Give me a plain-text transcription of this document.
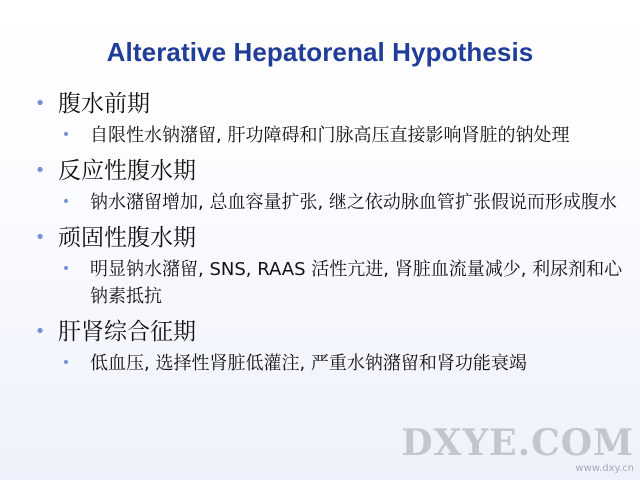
Alterative Hepatorenal Hypothesis
• 腹水前期
• 自限性水钠潴留, 肝功障碍和门脉高压直接影响肾脏的钠处理
• 反应性腹水期
• 钠水潴留增加, 总血容量扩张, 继之依动脉血管扩张假说而形成腹水
• 顽固性腹水期
• 明显钠水潴留, SNS, RAAS 活性亢进, 肾脏血流量减少, 利尿剂和心钠素抵抗
• 肝肾综合征期
• 低血压, 选择性肾脏低灌注, 严重水钠潴留和肾功能衰竭
DXYE.COM
www.dxy.cn
